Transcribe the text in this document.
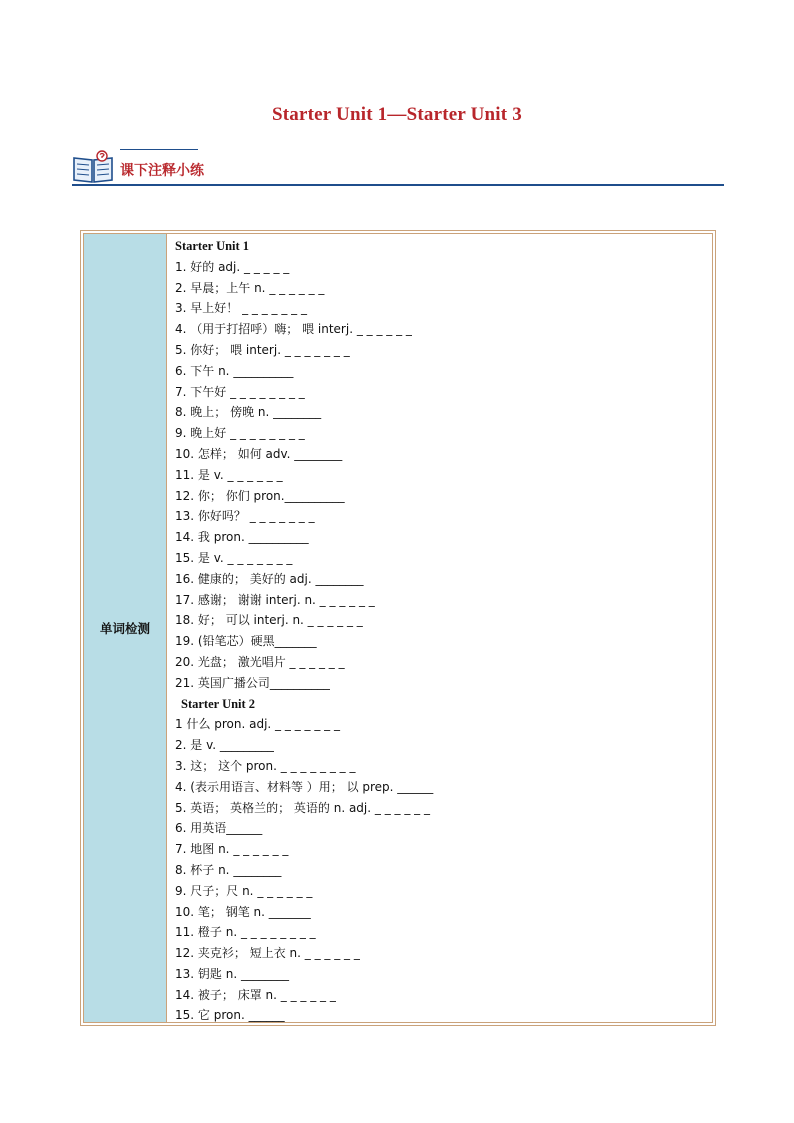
Starter Unit 1—Starter Unit 3
课下注释小练
单词检测
Starter Unit 1
1. 好的 adj. _ _ _ _ _
2. 早晨；上午 n. _ _ _ _ _ _
3. 早上好！ _ _ _ _ _ _ _
4. （用于打招呼）嗨； 喂 interj. _ _ _ _ _ _
5. 你好； 喂 interj. _ _ _ _ _ _ _
6. 下午 n. __________
7. 下午好 _ _ _ _ _ _ _ _
8. 晚上； 傍晚 n. ________
9. 晚上好 _ _ _ _ _ _ _ _
10. 怎样； 如何 adv. ________
11. 是 v. _ _ _ _ _ _
12. 你； 你们 pron.__________
13. 你好吗？ _ _ _ _ _ _ _
14. 我 pron. __________
15. 是 v. _ _ _ _ _ _ _
16. 健康的； 美好的 adj. ________
17. 感谢； 谢谢 interj. n. _ _ _ _ _ _
18. 好； 可以 interj. n. _ _ _ _ _ _
19. (铅笔芯）硬黑_______
20. 光盘； 激光唱片 _ _ _ _ _ _
21. 英国广播公司__________
Starter Unit 2
1 什么 pron. adj. _ _ _ _ _ _ _
2. 是 v. _________
3. 这； 这个 pron. _ _ _ _ _ _ _ _
4. (表示用语言、材料等 ）用； 以 prep. ______
5. 英语； 英格兰的； 英语的 n. adj. _ _ _ _ _ _
6. 用英语______
7. 地图 n. _ _ _ _ _ _
8. 杯子 n. ________
9. 尺子；尺 n. _ _ _ _ _ _
10. 笔； 钢笔 n. _______
11. 橙子 n. _ _ _ _ _ _ _ _
12. 夹克衫； 短上衣 n. _ _ _ _ _ _
13. 钥匙 n. ________
14. 被子； 床罩 n. _ _ _ _ _ _
15. 它 pron. ______
